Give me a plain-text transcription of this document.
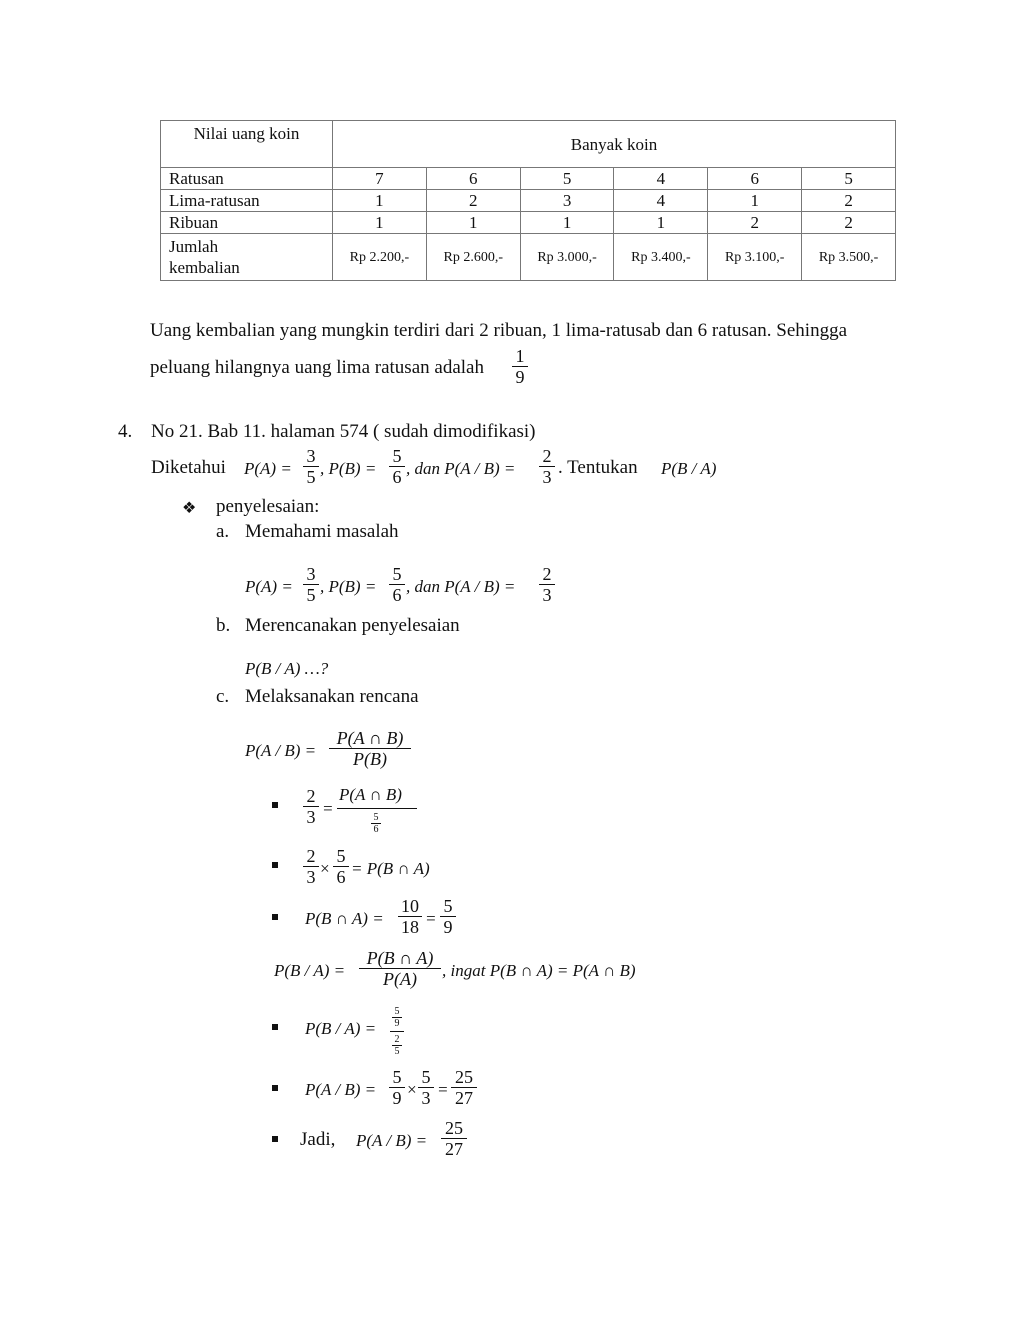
Nilai uang koin	Banyak koin					
Ratusan	7	6	5	4	6	5
Lima-ratusan	1	2	3	4	1	2
Ribuan	1	1	1	1	2	2
Jumlah
kembalian	Rp 2.200,-	Rp 2.600,-	Rp 3.000,-	Rp 3.400,-	Rp 3.100,-	Rp 3.500,-
Uang kembalian yang mungkin terdiri dari 2 ribuan, 1 lima-ratusab dan 6 ratusan. Sehingga
peluang hilangnya uang lima ratusan adalah
1
9
4. No 21. Bab 11. halaman 574 ( sudah dimodifikasi)
Diketahui P(A) =
3
5 , P(B) =
5
6 , dan P(A / B) =
2
3 . Tentukan P(B / A)
❖ penyelesaian:
a. Memahami masalah
P(A) =
3
5 , P(B) =
5
6 , dan P(A / B) =
2
3
b. Merencanakan penyelesaian
P(B / A) …?
c. Melaksanakan rencana
P(A / B) =
P(A ∩ B)
P(B)
2
3 =
P(A ∩ B)
5
6
2
3 ×
5
6 = P(B ∩ A)
P(B ∩ A) =
10
18 =
5
9
P(B / A) =
P(B ∩ A)
P(A)	, ingat P(B ∩ A) = P(A ∩ B)
P(B / A) =
5
9
2
5
P(A / B) =
5
9 ×
5
3 =
25
27
Jadi, P(A / B) =
25
27
